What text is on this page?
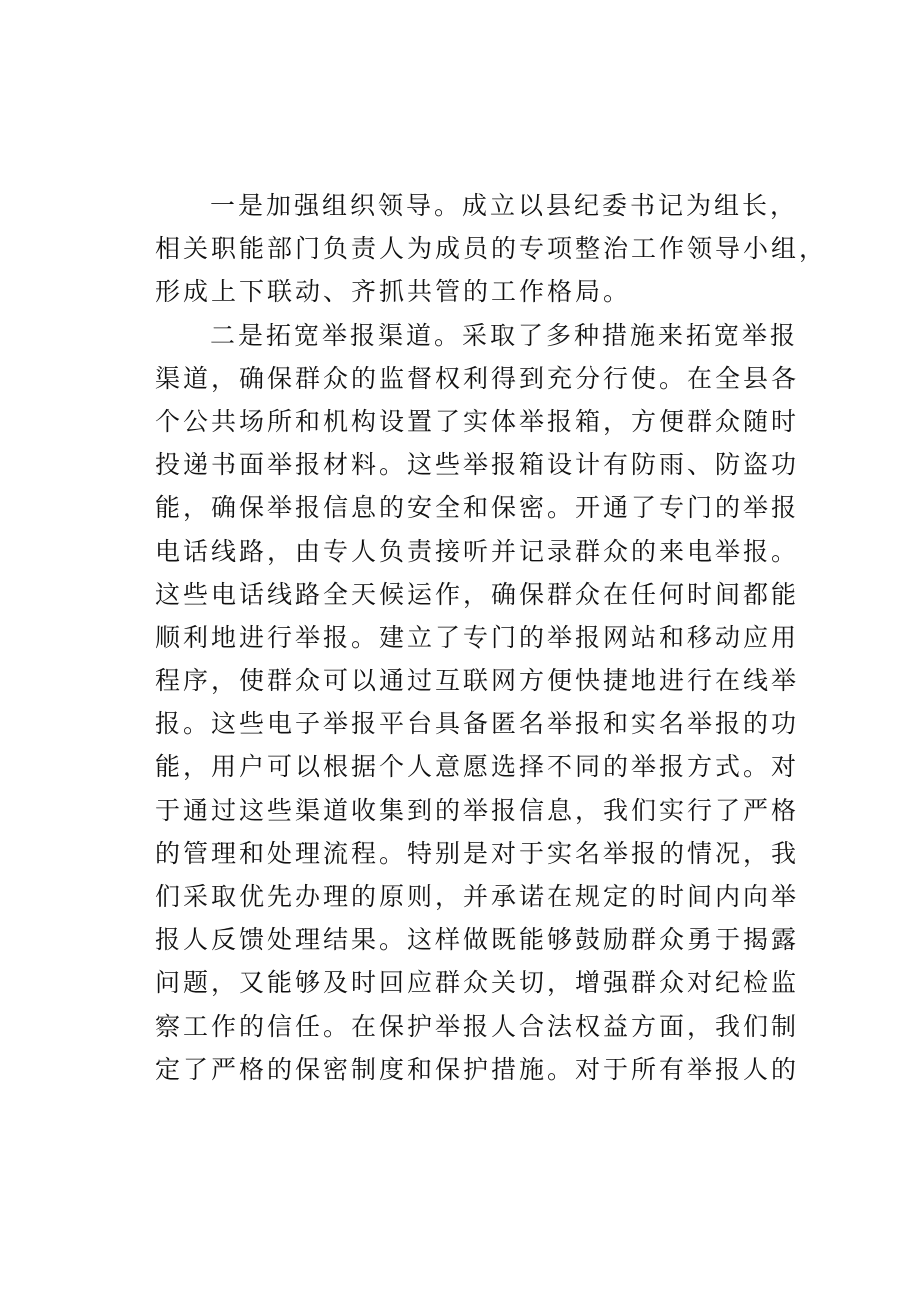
一是加强组织领导。成立以县纪委书记为组长，
相关职能部门负责人为成员的专项整治工作领导小组，
形成上下联动、齐抓共管的工作格局。
二是拓宽举报渠道。采取了多种措施来拓宽举报
渠道，确保群众的监督权利得到充分行使。在全县各
个公共场所和机构设置了实体举报箱，方便群众随时
投递书面举报材料。这些举报箱设计有防雨、防盗功
能，确保举报信息的安全和保密。开通了专门的举报
电话线路，由专人负责接听并记录群众的来电举报。
这些电话线路全天候运作，确保群众在任何时间都能
顺利地进行举报。建立了专门的举报网站和移动应用
程序，使群众可以通过互联网方便快捷地进行在线举
报。这些电子举报平台具备匿名举报和实名举报的功
能，用户可以根据个人意愿选择不同的举报方式。对
于通过这些渠道收集到的举报信息，我们实行了严格
的管理和处理流程。特别是对于实名举报的情况，我
们采取优先办理的原则，并承诺在规定的时间内向举
报人反馈处理结果。这样做既能够鼓励群众勇于揭露
问题，又能够及时回应群众关切，增强群众对纪检监
察工作的信任。在保护举报人合法权益方面，我们制
定了严格的保密制度和保护措施。对于所有举报人的
